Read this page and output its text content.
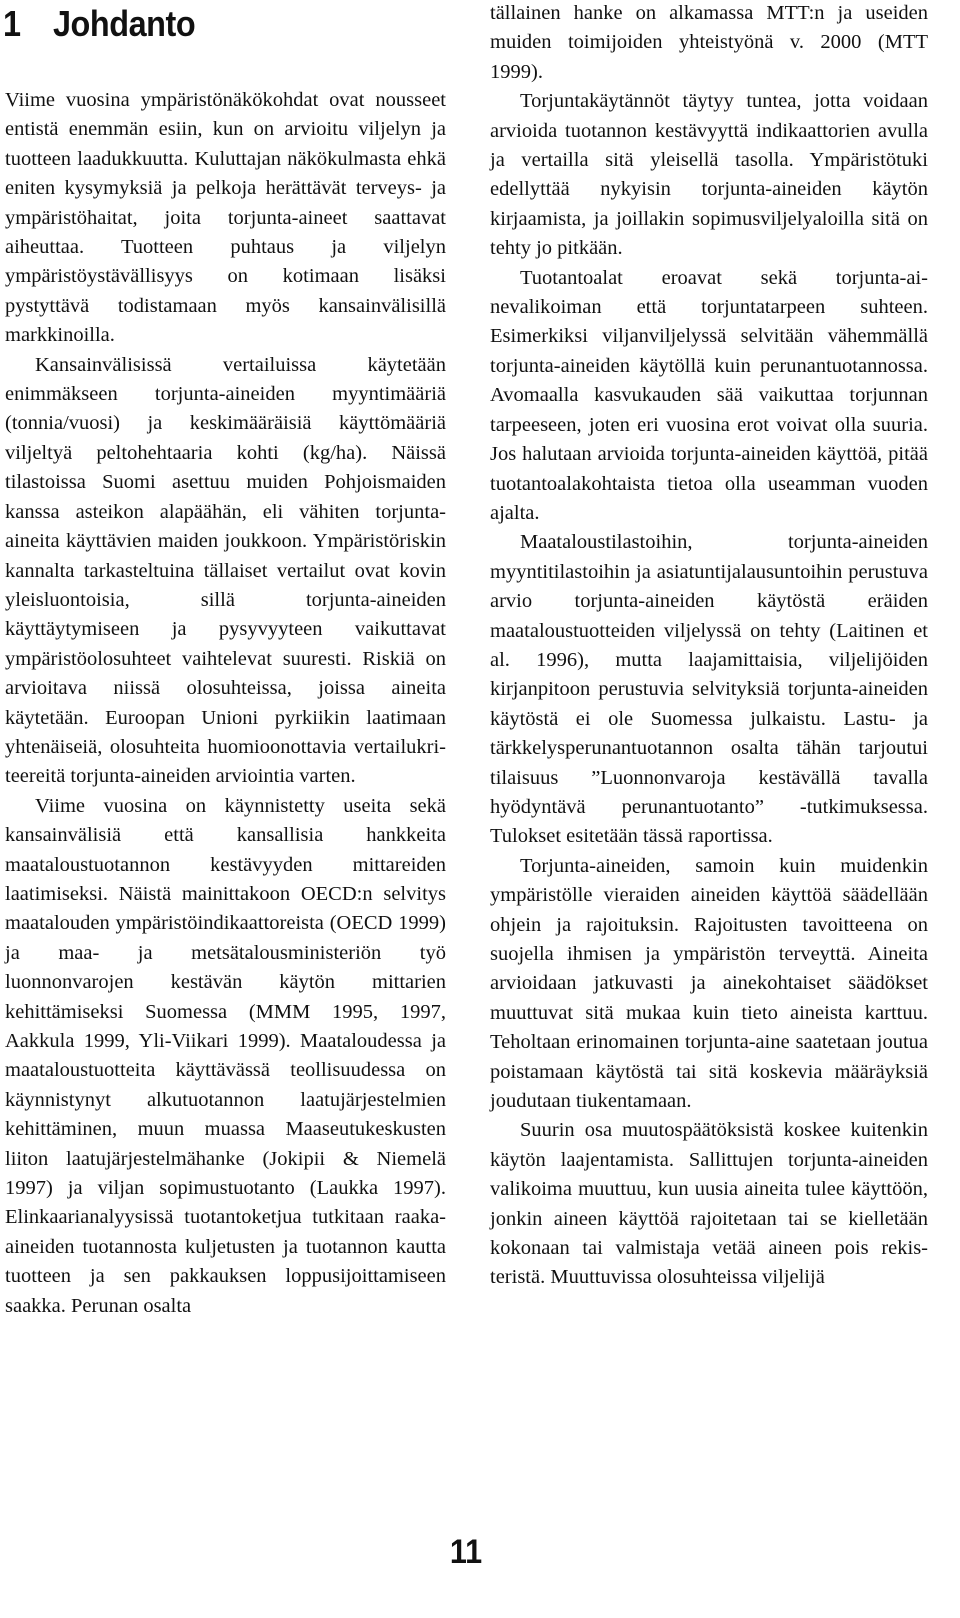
1 Johdanto

Viime vuosina ympäristönäkökohdat ovat nousseet entistä enemmän esiin, kun on arvioitu viljelyn ja tuotteen laadukkuutta. Kuluttajan näkökulmasta ehkä eniten kysymyksiä ja pelkoja herättävät terveys- ja ympäristöhaitat, joita torjunta-aineet saattavat aiheuttaa. Tuotteen puhtaus ja viljelyn ympäristöystävällisyys on kotimaan lisäksi pystyttävä todistamaan myös kansainvälisillä markkinoilla.

Kansainvälisissä vertailuissa käytetään enimmäkseen torjunta-aineiden myyntimääriä (tonnia/vuosi) ja keskimääräisiä käyttömääriä viljeltyä peltohehtaaria kohti (kg/ha). Näissä tilastoissa Suomi asettuu muiden Pohjoismaiden kanssa asteikon alapäähän, eli vähiten torjunta-aineita käyttävien maiden joukkoon. Ympäristöriskin kannalta tarkasteltuina tällaiset vertailut ovat kovin yleisluontoisia, sillä torjunta-aineiden käyttäytymiseen ja pysyvyyteen vaikuttavat ympäristöolosuhteet vaihtelevat suuresti. Riskiä on arvioitava niissä olosuhteissa, joissa aineita käytetään. Euroopan Unioni pyrkiikin laatimaan yhtenäiseiä, olosuhteita huomioonottavia vertailukriteereitä torjunta-aineiden arviointia varten.

Viime vuosina on käynnistetty useita sekä kansainvälisiä että kansallisia hankkeita maataloustuotannon kestävyyden mittareiden laatimiseksi. Näistä mainittakoon OECD:n selvitys maatalouden ympäristöindikaattoreista (OECD 1999) ja maa- ja metsätalousministeriön työ luonnonvarojen kestävän käytön mittarien kehittämiseksi Suomessa (MMM 1995, 1997, Aakkula 1999, Yli-Viikari 1999). Maataloudessa ja maataloustuotteita käyttävässä teollisuudessa on käynnistynyt alkutuotannon laatujärjestelmien kehittäminen, muun muassa Maaseutukeskusten liiton laatujärjestelmähanke (Jokipii & Niemelä 1997) ja viljan sopimustuotanto (Laukka 1997). Elinkaarianalyysissä tuotantoketjua tutkitaan raaka-aineiden tuotannosta kuljetusten ja tuotannon kautta tuotteen ja sen pakkauksen loppusijoittamiseen saakka. Perunan osalta

tällainen hanke on alkamassa MTT:n ja useiden muiden toimijoiden yhteistyönä v. 2000 (MTT 1999).

Torjuntakäytännöt täytyy tuntea, jotta voidaan arvioida tuotannon kestävyyttä indikaattorien avulla ja vertailla sitä yleisellä tasolla. Ympäristötuki edellyttää nykyisin torjunta-aineiden käytön kirjaamista, ja joillakin sopimusviljelyaloilla sitä on tehty jo pitkään.

Tuotantoalat eroavat sekä torjunta-ainevalikoiman että torjuntatarpeen suhteen. Esimerkiksi viljanviljelyssä selvitään vähemmällä torjunta-aineiden käytöllä kuin perunantuotannossa. Avomaalla kasvukauden sää vaikuttaa torjunnan tarpeeseen, joten eri vuosina erot voivat olla suuria. Jos halutaan arvioida torjunta-aineiden käyttöä, pitää tuotantoalakohtaista tietoa olla useamman vuoden ajalta.

Maataloustilastoihin, torjunta-aineiden myyntitilastoihin ja asiatuntijalausuntoihin perustuva arvio torjunta-aineiden käytöstä eräiden maataloustuotteiden viljelyssä on tehty (Laitinen et al. 1996), mutta laajamittaisia, viljelijöiden kirjanpitoon perustuvia selvityksiä torjunta-aineiden käytöstä ei ole Suomessa julkaistu. Lastu- ja tärkkelysperunantuotannon osalta tähän tarjoutui tilaisuus ”Luonnonvaroja kestävällä tavalla hyödyntävä perunantuotanto” -tutkimuksessa. Tulokset esitetään tässä raportissa.

Torjunta-aineiden, samoin kuin muidenkin ympäristölle vieraiden aineiden käyttöä säädellään ohjein ja rajoituksin. Rajoitusten tavoitteena on suojella ihmisen ja ympäristön terveyttä. Aineita arvioidaan jatkuvasti ja ainekohtaiset säädökset muuttuvat sitä mukaa kuin tieto aineista karttuu. Teholtaan erinomainen torjunta-aine saatetaan joutua poistamaan käytöstä tai sitä koskevia määräyksiä joudutaan tiukentamaan.

Suurin osa muutospäätöksistä koskee kuitenkin käytön laajentamista. Sallittujen torjunta-aineiden valikoima muuttuu, kun uusia aineita tulee käyttöön, jonkin aineen käyttöä rajoitetaan tai se kielletään kokonaan tai valmistaja vetää aineen pois rekisteristä. Muuttuvissa olosuhteissa viljelijä

11
